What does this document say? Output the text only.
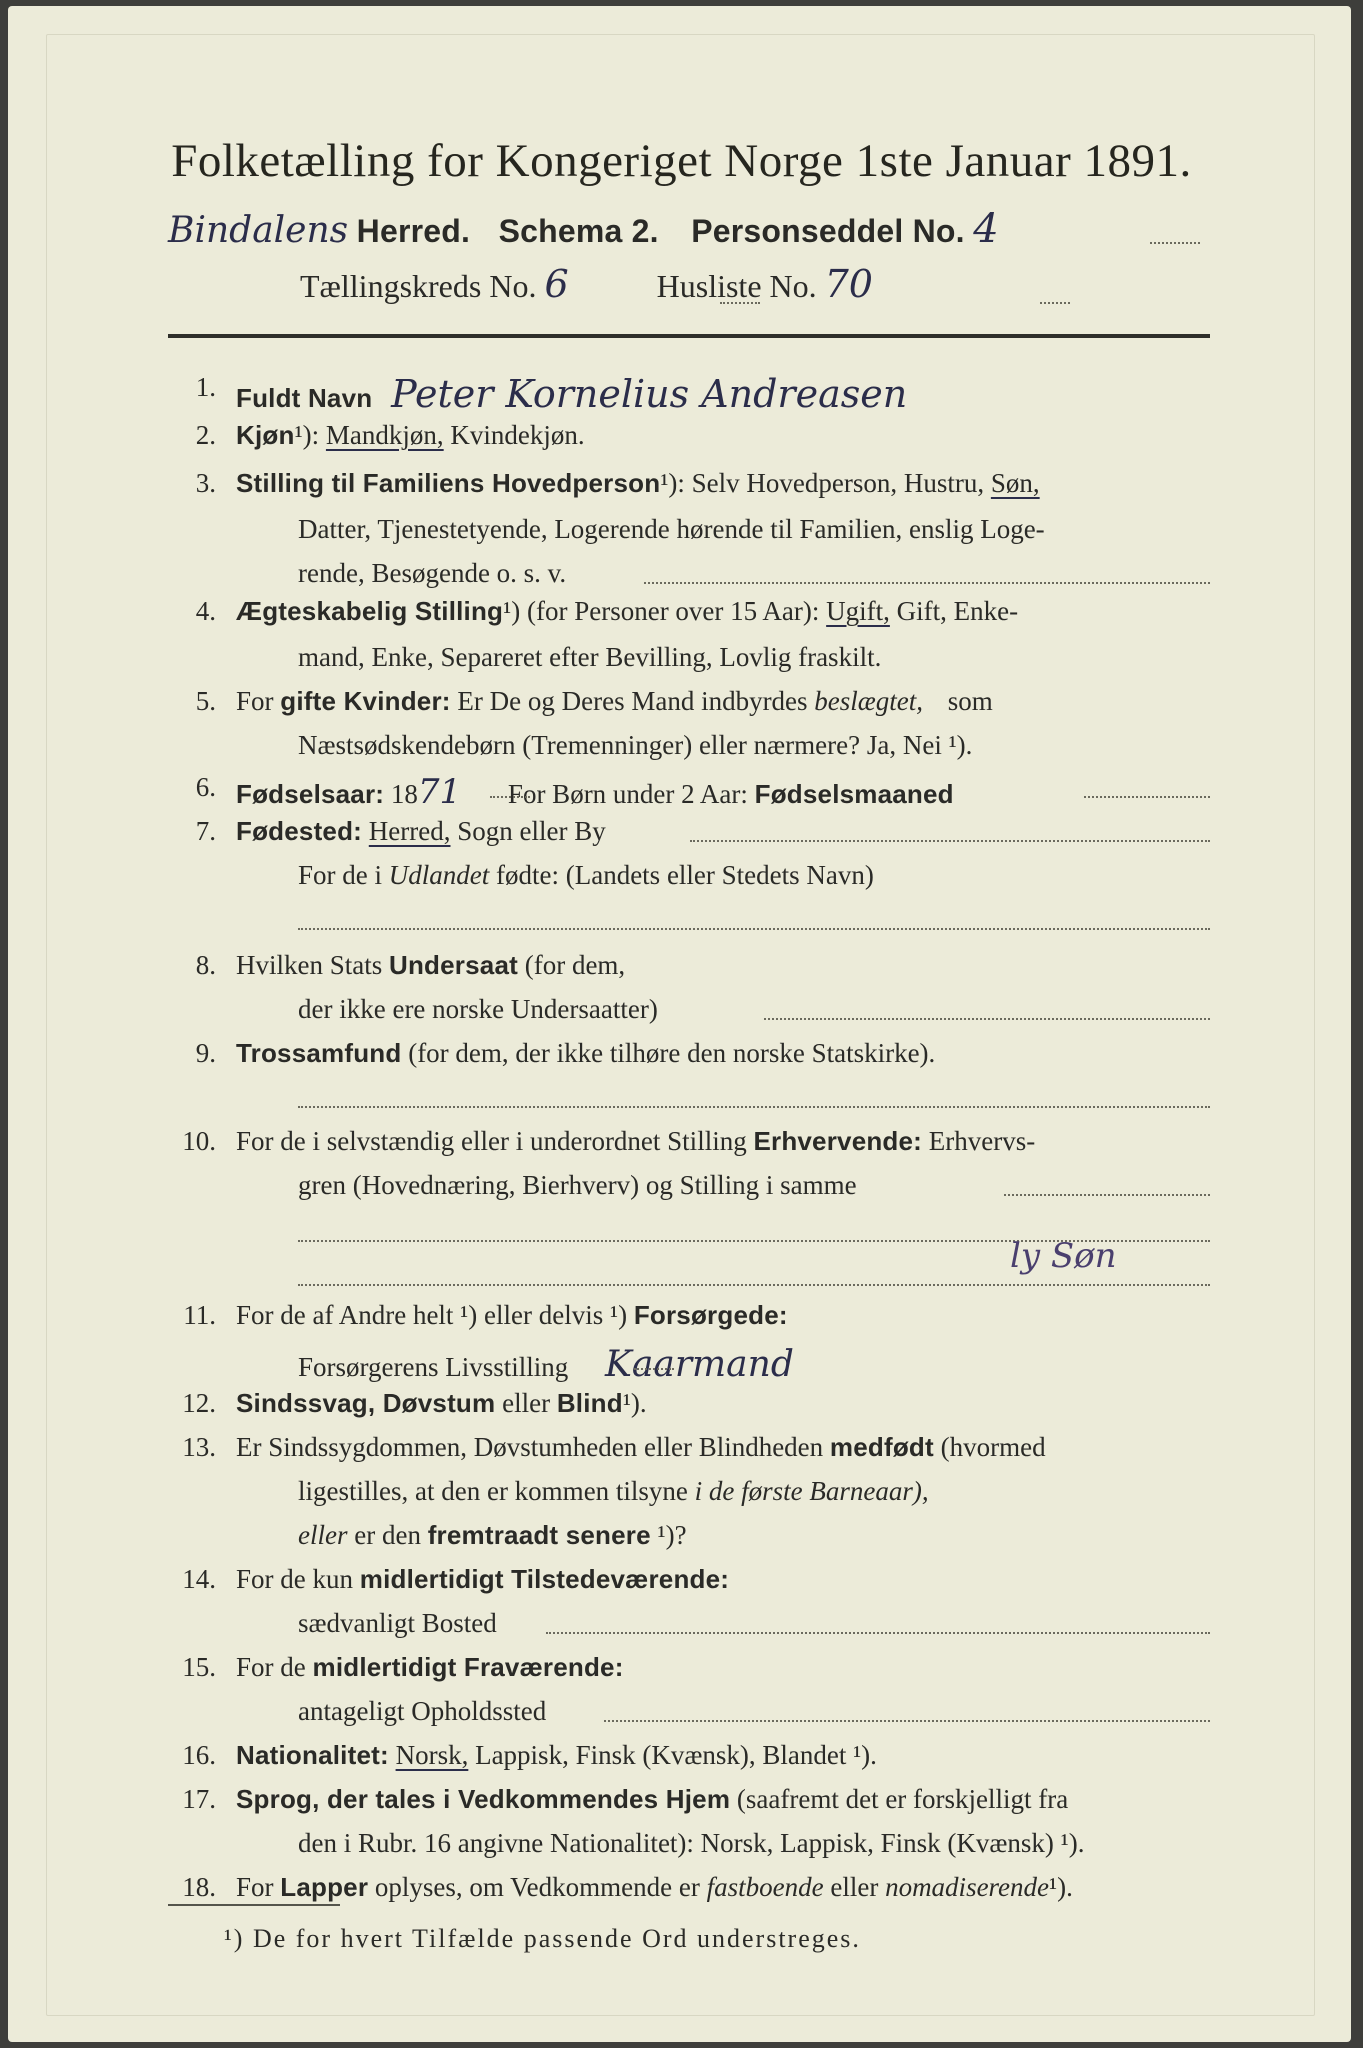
Folketælling for Kongeriget Norge 1ste Januar 1891.
Bindalens Herred. Schema 2. Personseddel No. 4
Tællingskreds No. 6	Husliste No. 70
1. Fuldt Navn Peter Kornelius Andreasen
2. Kjøn¹): Mandkjøn, Kvindekjøn.
3. Stilling til Familiens Hovedperson¹): Selv Hovedperson, Hustru, Søn,
Datter, Tjenestetyende, Logerende hørende til Familien, enslig Loge-
rende, Besøgende o. s. v.
4. Ægteskabelig Stilling¹) (for Personer over 15 Aar): Ugift, Gift, Enke-
mand, Enke, Separeret efter Bevilling, Lovlig fraskilt.
5. For gifte Kvinder: Er De og Deres Mand indbyrdes beslægtet, som
Næstsødskendebørn (Tremenninger) eller nærmere? Ja, Nei ¹).
6. Fødselsaar: 1871 For Børn under 2 Aar: Fødselsmaaned
7. Fødested: Herred, Sogn eller By
For de i Udlandet fødte: (Landets eller Stedets Navn)
8. Hvilken Stats Undersaat (for dem,
der ikke ere norske Undersaatter)
9. Trossamfund (for dem, der ikke tilhøre den norske Statskirke).
10. For de i selvstændig eller i underordnet Stilling Erhvervende: Erhvervs-
gren (Hovednæring, Bierhverv) og Stilling i samme
ly Søn
11. For de af Andre helt ¹) eller delvis ¹) Forsørgede:
Forsørgerens Livsstilling Kaarmand
12. Sindssvag, Døvstum eller Blind¹).
13. Er Sindssygdommen, Døvstumheden eller Blindheden medfødt (hvormed
ligestilles, at den er kommen tilsyne i de første Barneaar),
eller er den fremtraadt senere ¹)?
14. For de kun midlertidigt Tilstedeværende:
sædvanligt Bosted
15. For de midlertidigt Fraværende:
antageligt Opholdssted
16. Nationalitet: Norsk, Lappisk, Finsk (Kvænsk), Blandet ¹).
17. Sprog, der tales i Vedkommendes Hjem (saafremt det er forskjelligt fra
den i Rubr. 16 angivne Nationalitet): Norsk, Lappisk, Finsk (Kvænsk) ¹).
18. For Lapper oplyses, om Vedkommende er fastboende eller nomadiserende¹).
¹) De for hvert Tilfælde passende Ord understreges.
